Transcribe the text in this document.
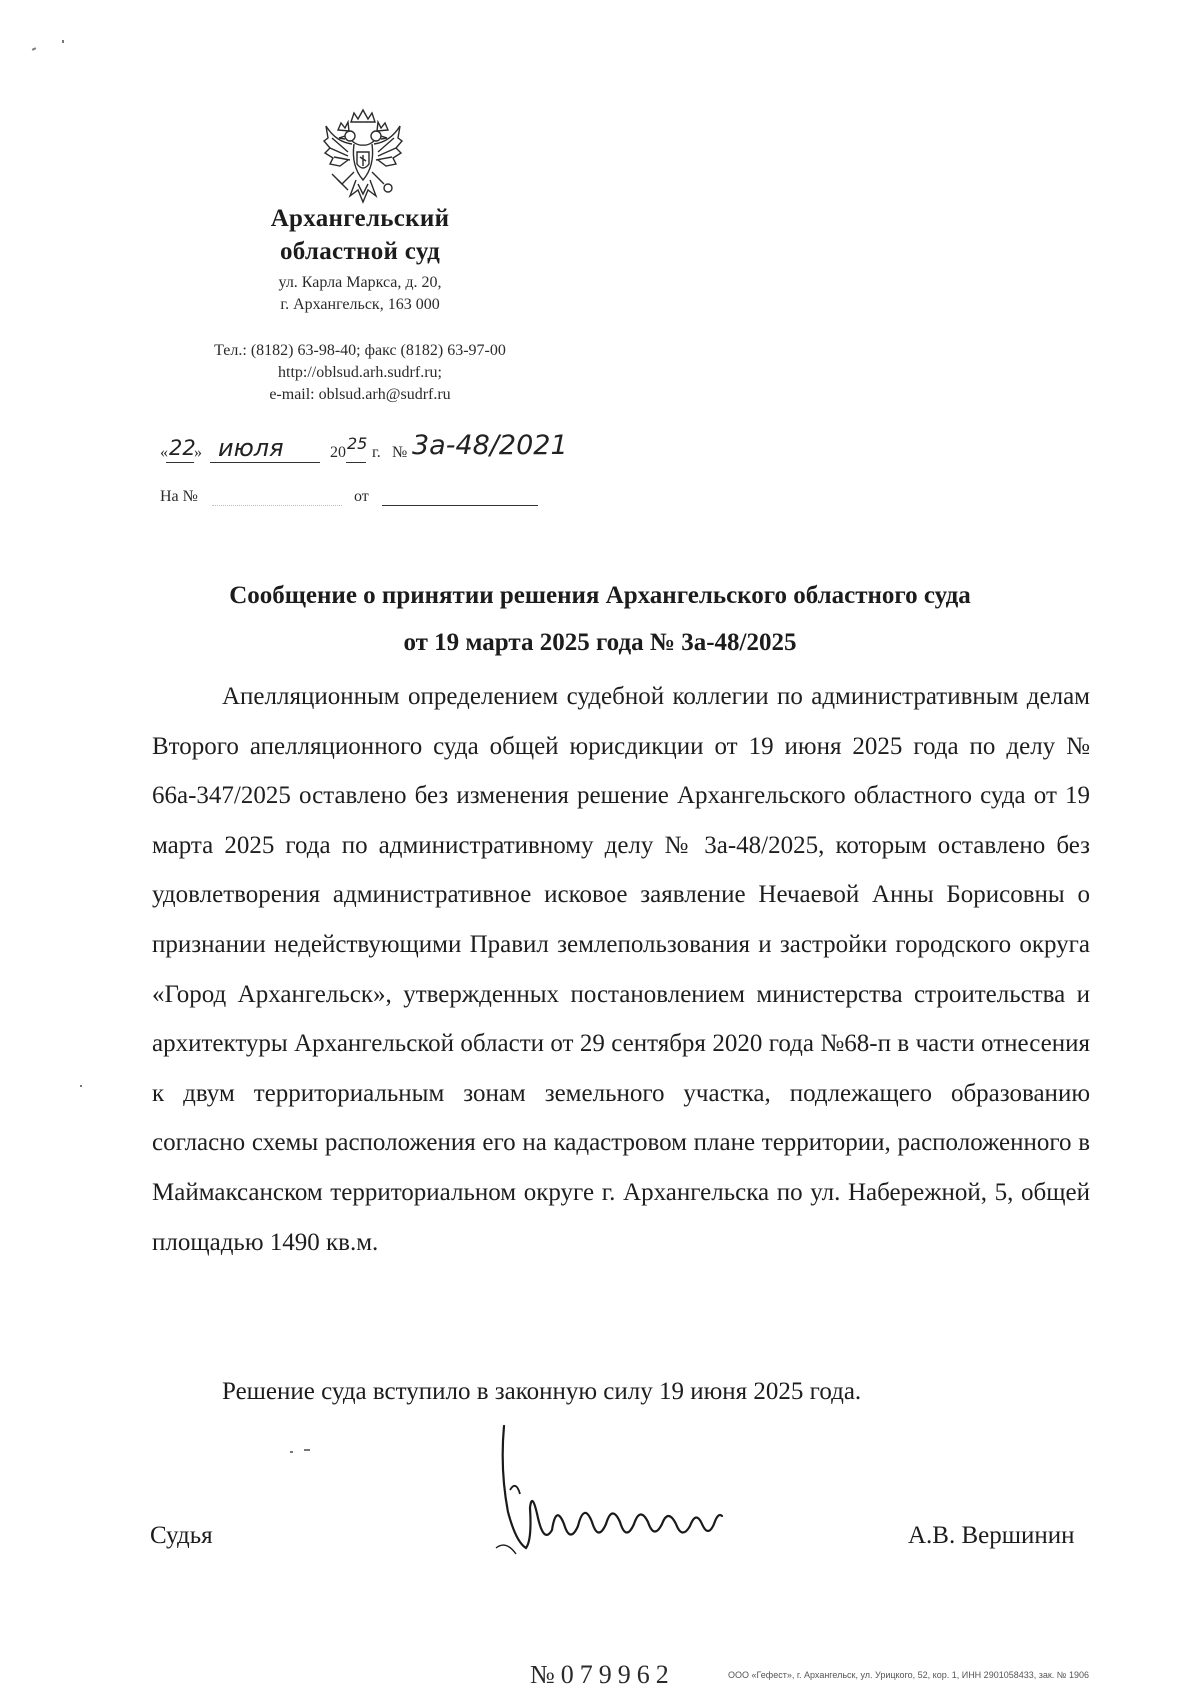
Архангельский
областной суд
ул. Карла Маркса, д. 20,
г. Архангельск, 163 000
Тел.: (8182) 63-98-40; факс (8182) 63-97-00
http://oblsud.arh.sudrf.ru;
e-mail: oblsud.arh@sudrf.ru
« 22
» июля	20 25 г. № 3а-48/2021
На №	от
Сообщение о принятии решения Архангельского областного суда
от 19 марта 2025 года № 3а-48/2025

Апелляционным определением судебной коллегии по административным делам Второго апелляционного суда общей юрисдикции от 19 июня 2025 года по делу № 66а-347/2025 оставлено без изменения решение Архангельского областного суда от 19 марта 2025 года по административному делу № 3а-48/2025, которым оставлено без удовлетворения административное исковое заявление Нечаевой Анны Борисовны о признании недействующими Правил землепользования и застройки городского округа «Город Архангельск», утвержденных постановлением министерства строительства и архитектуры Архангельской области от 29 сентября 2020 года №68-п в части отнесения к двум территориальным зонам земельного участка, подлежащего образованию согласно схемы расположения его на кадастровом плане территории, расположенного в Маймаксанском территориальном округе г. Архангельска по ул. Набережной, 5, общей площадью 1490 кв.м.

Решение суда вступило в законную силу 19 июня 2025 года.
Судья	А.В. Вершинин
№079962	ООО «Гефест», г. Архангельск, ул. Урицкого, 52, кор. 1, ИНН 2901058433, зак. № 1906
